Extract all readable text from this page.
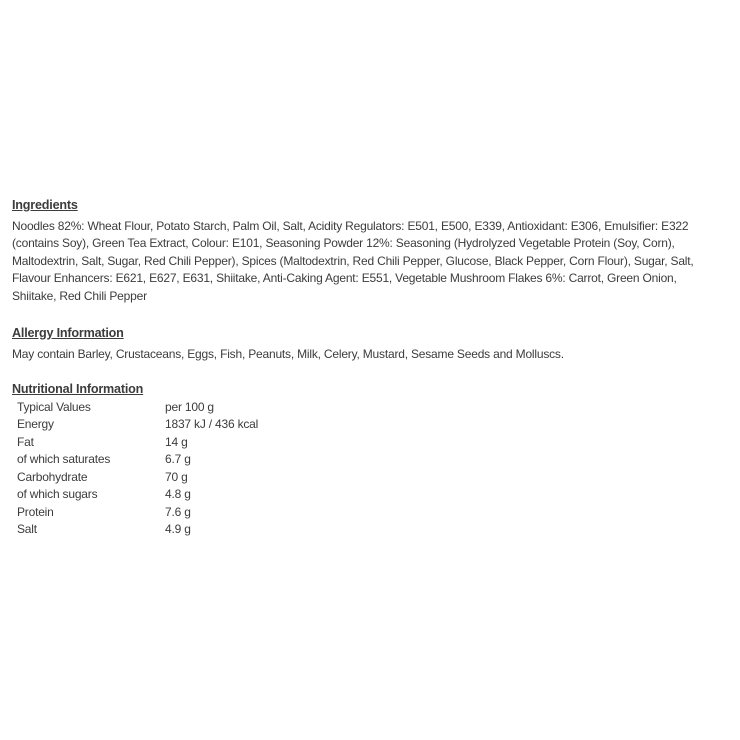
Ingredients
Noodles 82%: Wheat Flour, Potato Starch, Palm Oil, Salt, Acidity Regulators: E501, E500, E339, Antioxidant: E306, Emulsifier: E322
(contains Soy), Green Tea Extract, Colour: E101, Seasoning Powder 12%: Seasoning (Hydrolyzed Vegetable Protein (Soy, Corn),
Maltodextrin, Salt, Sugar, Red Chili Pepper), Spices (Maltodextrin, Red Chili Pepper, Glucose, Black Pepper, Corn Flour), Sugar, Salt,
Flavour Enhancers: E621, E627, E631, Shiitake, Anti-Caking Agent: E551, Vegetable Mushroom Flakes 6%: Carrot, Green Onion,
Shiitake, Red Chili Pepper
Allergy Information
May contain Barley, Crustaceans, Eggs, Fish, Peanuts, Milk, Celery, Mustard, Sesame Seeds and Molluscs.
Nutritional Information
Typical Values	per 100 g
Energy	1837 kJ / 436 kcal
Fat	14 g
of which saturates	6.7 g
Carbohydrate	70 g
of which sugars	4.8 g
Protein	7.6 g
Salt	4.9 g
